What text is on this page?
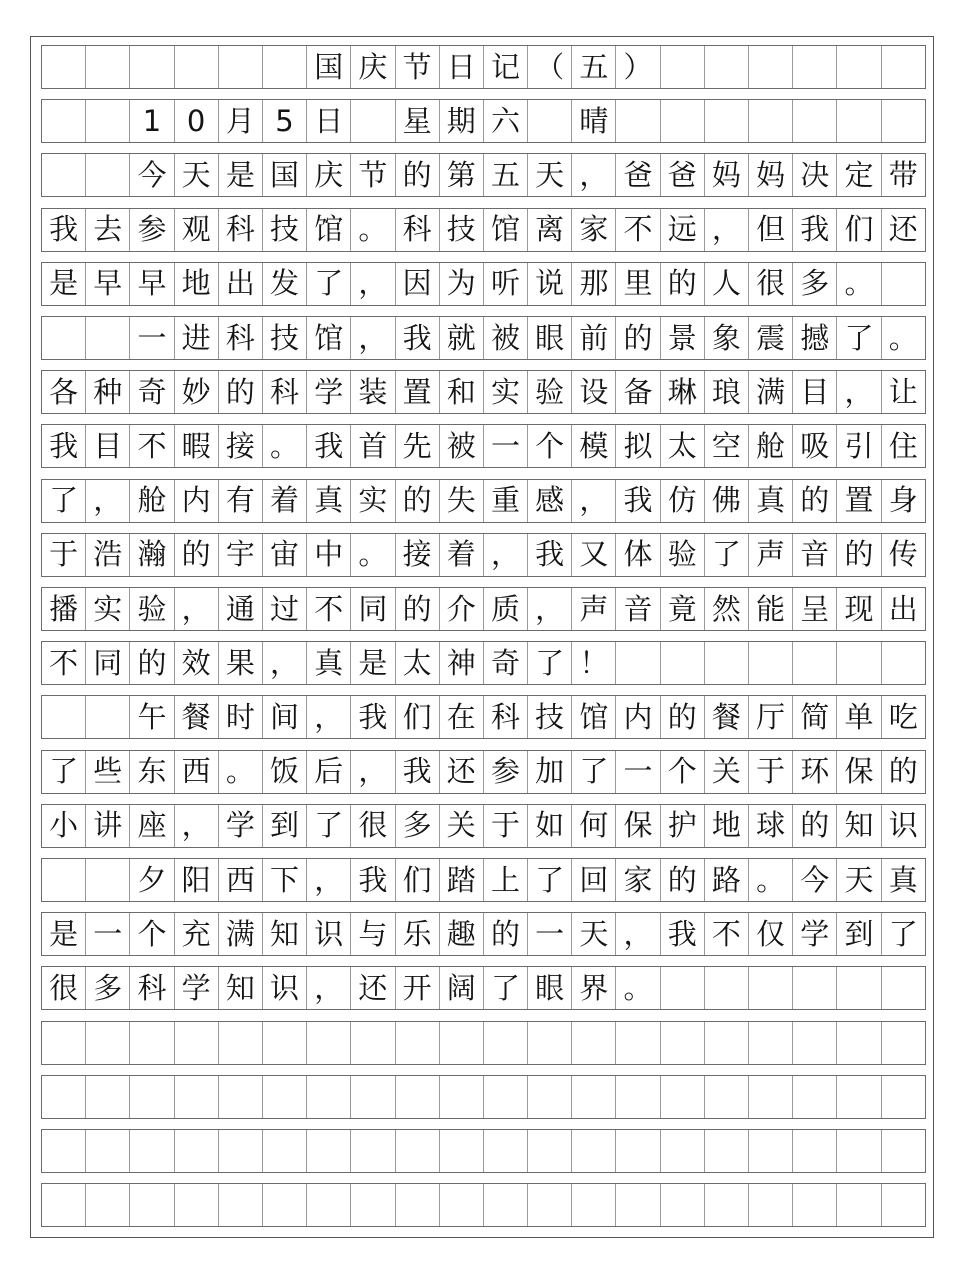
国 庆 节 日 记 （ 五 ）
1 0 月 5 日 星 期 六 晴
今 天 是 国 庆 节 的 第 五 天 ， 爸 爸 妈 妈 决 定 带
我 去 参 观 科 技 馆 。 科 技 馆 离 家 不 远 ， 但 我 们 还
是 早 早 地 出 发 了 ， 因 为 听 说 那 里 的 人 很 多 。
一 进 科 技 馆 ， 我 就 被 眼 前 的 景 象 震 撼 了 。
各 种 奇 妙 的 科 学 装 置 和 实 验 设 备 琳 琅 满 目 ， 让
我 目 不 暇 接 。 我 首 先 被 一 个 模 拟 太 空 舱 吸 引 住
了 ， 舱 内 有 着 真 实 的 失 重 感 ， 我 仿 佛 真 的 置 身
于 浩 瀚 的 宇 宙 中 。 接 着 ， 我 又 体 验 了 声 音 的 传
播 实 验 ， 通 过 不 同 的 介 质 ， 声 音 竟 然 能 呈 现 出
不 同 的 效 果 ， 真 是 太 神 奇 了 ！
午 餐 时 间 ， 我 们 在 科 技 馆 内 的 餐 厅 简 单 吃
了 些 东 西 。 饭 后 ， 我 还 参 加 了 一 个 关 于 环 保 的
小 讲 座 ， 学 到 了 很 多 关 于 如 何 保 护 地 球 的 知 识
夕 阳 西 下 ， 我 们 踏 上 了 回 家 的 路 。 今 天 真
是 一 个 充 满 知 识 与 乐 趣 的 一 天 ， 我 不 仅 学 到 了
很 多 科 学 知 识 ， 还 开 阔 了 眼 界 。
